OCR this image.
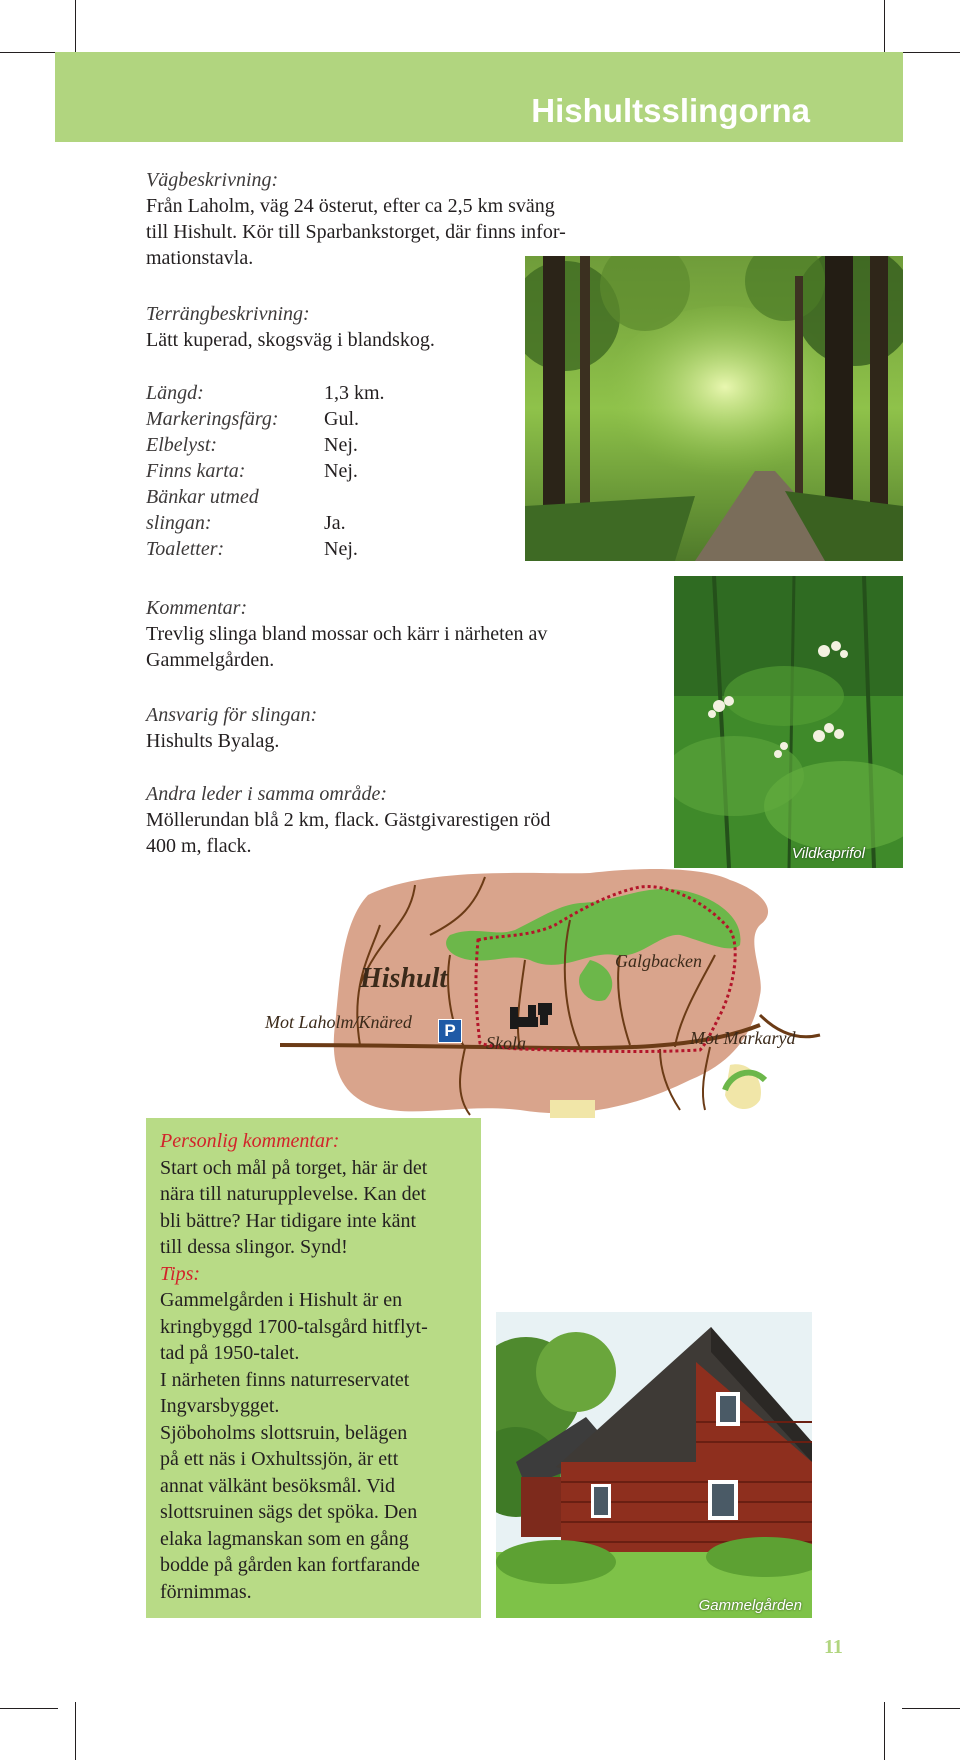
Hishultsslingorna
Vägbeskrivning:
Från Laholm, väg 24 österut, efter ca 2,5 km sväng
till Hishult. Kör till Sparbankstorget, där finns infor-
mationstavla.
Terrängbeskrivning:
Lätt kuperad, skogsväg i blandskog.
Längd:	1,3 km.
Markeringsfärg:	Gul.
Elbelyst:	Nej.
Finns karta:	Nej.
Bänkar utmed
slingan:	Ja.
Toaletter:	Nej.
Kommentar:
Trevlig slinga bland mossar och kärr i närheten av
Gammelgården.
Ansvarig för slingan:
Hishults Byalag.
Andra leder i samma område:
Möllerundan blå 2 km, flack. Gästgivarestigen röd
400 m, flack.	Vildkaprifol
P
Hishult
Mot Laholm/Knäred
Mot Markaryd
Skola
Galgbacken
Personlig kommentar:
Start och mål på torget, här är det
nära till naturupplevelse. Kan det
bli bättre? Har tidigare inte känt
till dessa slingor. Synd!
Tips:
Gammelgården i Hishult är en
kringbyggd 1700-talsgård hitflyt-
tad på 1950-talet.
I närheten finns naturreservatet
Ingvarsbygget.
Sjöboholms slottsruin, belägen
på ett näs i Oxhultssjön, är ett
annat välkänt besöksmål. Vid
slottsruinen sägs det spöka. Den
elaka lagmanskan som en gång
bodde på gården kan fortfarande
förnimmas.
Gammelgården
11
